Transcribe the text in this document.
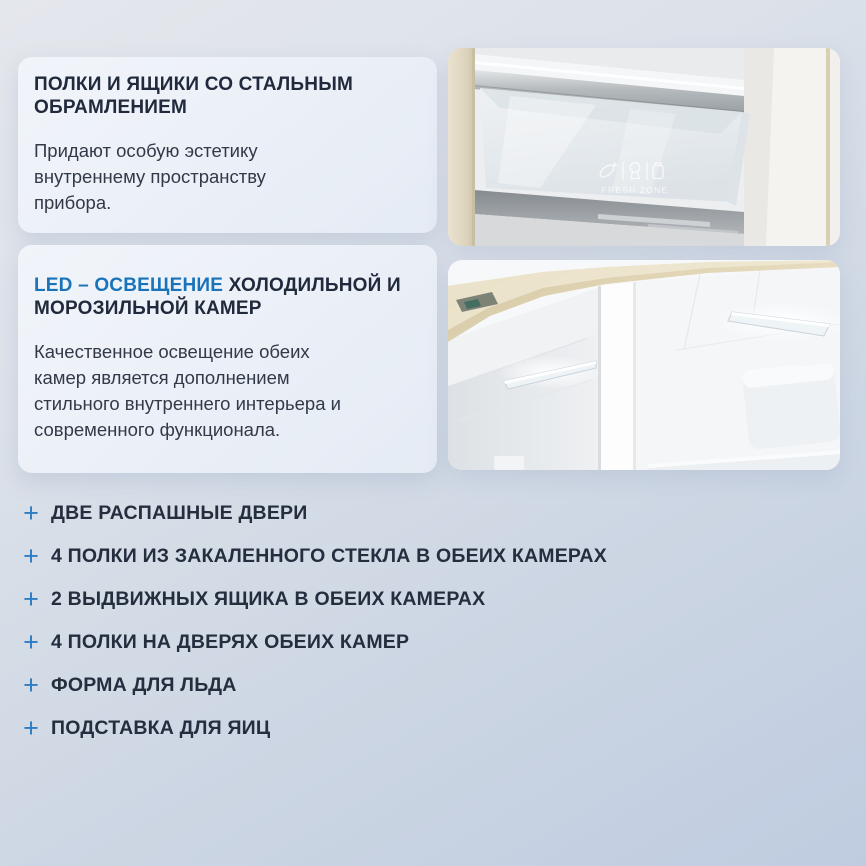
ПОЛКИ И ЯЩИКИ СО СТАЛЬНЫМ ОБРАМЛЕНИЕМ

Придают особую эстетику внутреннему пространству прибора.

LED – ОСВЕЩЕНИЕ ХОЛОДИЛЬНОЙ И МОРОЗИЛЬНОЙ КАМЕР

Качественное освещение обеих камер является дополнением стильного внутреннего интерьера и современного функционала.

FRESH ZONE
+ ДВЕ РАСПАШНЫЕ ДВЕРИ
+ 4 ПОЛКИ ИЗ ЗАКАЛЕННОГО СТЕКЛА В ОБЕИХ КАМЕРАХ
+ 2 ВЫДВИЖНЫХ ЯЩИКА В ОБЕИХ КАМЕРАХ
+ 4 ПОЛКИ НА ДВЕРЯХ ОБЕИХ КАМЕР
+ ФОРМА ДЛЯ ЛЬДА
+ ПОДСТАВКА ДЛЯ ЯИЦ
